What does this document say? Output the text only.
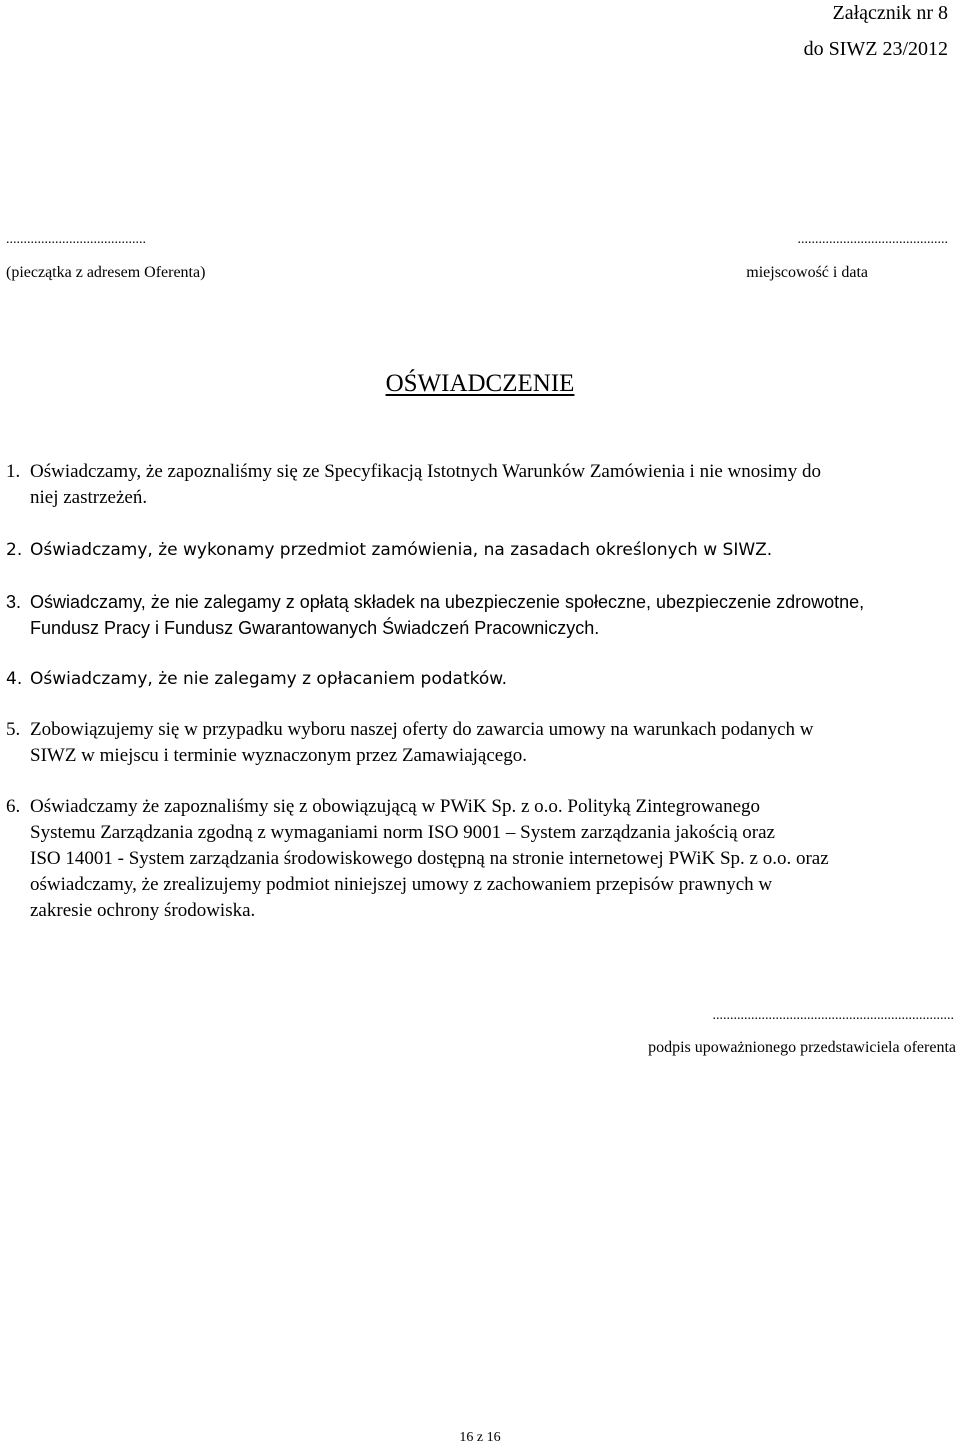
Załącznik nr 8
do SIWZ 23/2012
........................................
(pieczątka z adresem Oferenta)
...........................................
miejscowość i data
OŚWIADCZENIE
1. Oświadczamy, że zapoznaliśmy się ze Specyfikacją Istotnych Warunków Zamówienia i nie wnosimy do
niej zastrzeżeń.
2. Oświadczamy, że wykonamy przedmiot zamówienia, na zasadach określonych w SIWZ.
3. Oświadczamy, że nie zalegamy z opłatą składek na ubezpieczenie społeczne, ubezpieczenie zdrowotne,
Fundusz Pracy i Fundusz Gwarantowanych Świadczeń Pracowniczych.
4. Oświadczamy, że nie zalegamy z opłacaniem podatków.
5. Zobowiązujemy się w przypadku wyboru naszej oferty do zawarcia umowy na warunkach podanych w
SIWZ w miejscu i terminie wyznaczonym przez Zamawiającego.
6. Oświadczamy że zapoznaliśmy się z obowiązującą w PWiK Sp. z o.o. Polityką Zintegrowanego
Systemu Zarządzania zgodną z wymaganiami norm ISO 9001 – System zarządzania jakością oraz
ISO 14001 - System zarządzania środowiskowego dostępną na stronie internetowej PWiK Sp. z o.o. oraz
oświadczamy, że zrealizujemy podmiot niniejszej umowy z zachowaniem przepisów prawnych w
zakresie ochrony środowiska.
.....................................................................
podpis upoważnionego przedstawiciela oferenta
16 z 16
